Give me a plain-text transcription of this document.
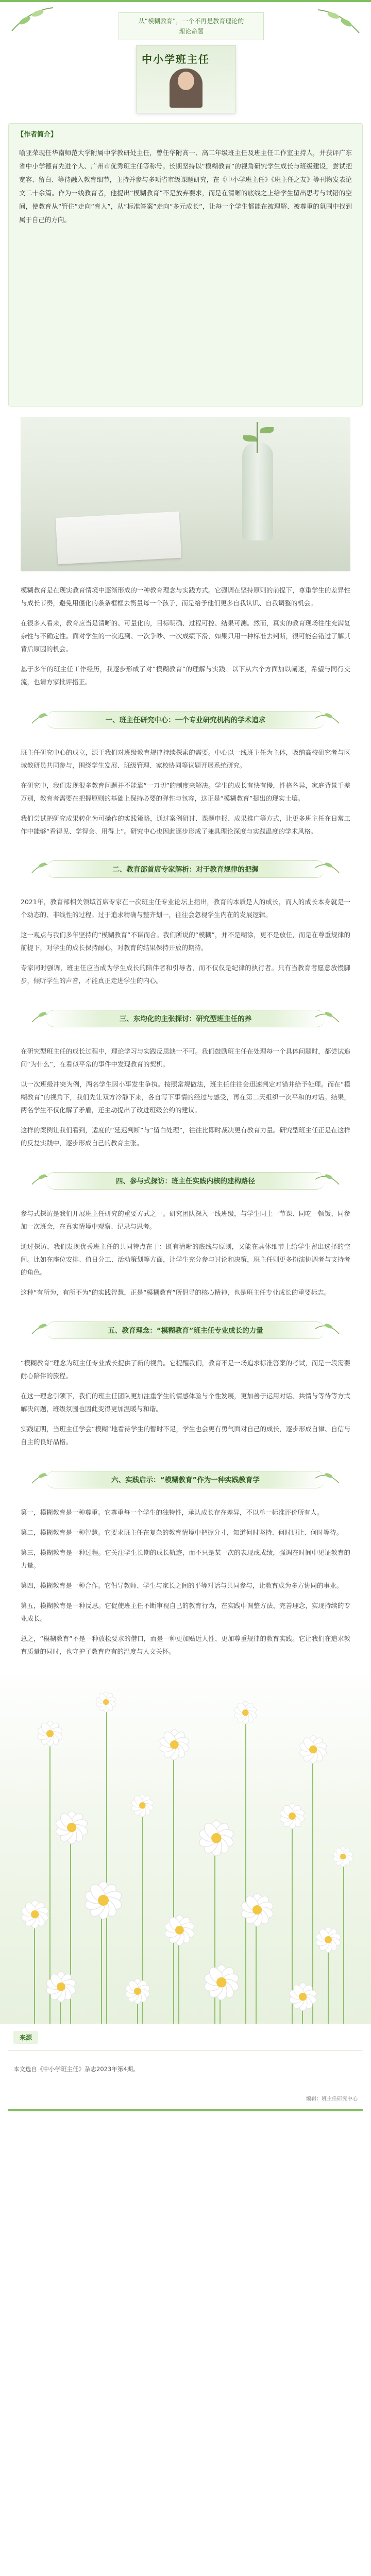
从“模糊教育”，一个不再是教育理论的
理论命题
中小学班主任
【作者简介】

喻亚荣现任华南师范大学附属中学教研处主任，曾任华附高一、高二年级班主任及班主任工作室主持人，并获评广东省中小学德育先进个人、广州市优秀班主任等称号。长期坚持以“模糊教育”的视角研究学生成长与班级建设，尝试把宽容、留白、等待融入教育细节，主持并参与多项省市级课题研究，在《中小学班主任》《班主任之友》等刊物发表论文二十余篇。作为一线教育者，他提出“模糊教育”不是放弃要求，而是在清晰的底线之上给学生留出思考与试错的空间，使教育从“管住”走向“育人”，从“标准答案”走向“多元成长”，让每一个学生都能在被理解、被尊重的氛围中找到属于自己的方向。

模糊教育是在现实教育情境中逐渐形成的一种教育理念与实践方式。它强调在坚持原则的前提下，尊重学生的差异性与成长节奏，避免用僵化的条条框框去衡量每一个孩子，而是给予他们更多自我认识、自我调整的机会。

在很多人看来，教育应当是清晰的、可量化的，目标明确、过程可控、结果可测。然而，真实的教育现场往往充满复杂性与不确定性。面对学生的一次迟到、一次争吵、一次成绩下滑，如果只用一种标准去判断，很可能会错过了解其背后原因的机会。

基于多年的班主任工作经历，我逐步形成了对“模糊教育”的理解与实践。以下从六个方面加以阐述，希望与同行交流，也请方家批评指正。

一、班主任研究中心：一个专业研究机构的学术追求

班主任研究中心的成立，源于我们对班级教育规律持续探索的需要。中心以一线班主任为主体，吸纳高校研究者与区域教研员共同参与，围绕学生发展、班级管理、家校协同等议题开展系统研究。

在研究中，我们发现很多教育问题并不能靠“一刀切”的制度来解决。学生的成长有快有慢，性格各异，家庭背景千差万别，教育者需要在把握原则的基础上保持必要的弹性与包容，这正是“模糊教育”提出的现实土壤。

我们尝试把研究成果转化为可操作的实践策略，通过案例研讨、课题申报、成果推广等方式，让更多班主任在日常工作中能够“看得见、学得会、用得上”。研究中心也因此逐步形成了兼具理论深度与实践温度的学术风格。

二、教育部首席专家解析：对于教育规律的把握

2021年，教育部相关领域首席专家在一次班主任专业论坛上指出，教育的本质是人的成长，而人的成长本身就是一个动态的、非线性的过程。过于追求精确与整齐划一，往往会忽视学生内在的发展逻辑。

这一观点与我们多年坚持的“模糊教育”不谋而合。我们所说的“模糊”，并不是糊涂，更不是放任，而是在尊重规律的前提下，对学生的成长保持耐心，对教育的结果保持开放的期待。

专家同时强调，班主任应当成为学生成长的陪伴者和引导者，而不仅仅是纪律的执行者。只有当教育者愿意放慢脚步，倾听学生的声音，才能真正走进学生的内心。

三、东均化的主张探讨：研究型班主任的养

在研究型班主任的成长过程中，理论学习与实践反思缺一不可。我们鼓励班主任在处理每一个具体问题时，都尝试追问“为什么”，在看似平常的事件中发现教育的契机。

以一次班级冲突为例，两名学生因小事发生争执。按照常规做法，班主任往往会迅速判定对错并给予处理。而在“模糊教育”的视角下，我们先让双方冷静下来，各自写下事情的经过与感受，再在第二天组织一次平和的对话。结果，两名学生不仅化解了矛盾，还主动提出了改进班级公约的建议。

这样的案例让我们看到，适度的“延迟判断”与“留白处理”，往往比即时裁决更有教育力量。研究型班主任正是在这样的反复实践中，逐步形成自己的教育主张。

四、参与式探访：班主任实践内核的建构路径

参与式探访是我们开展班主任研究的重要方式之一。研究团队深入一线班级，与学生同上一节课、同吃一顿饭、同参加一次班会，在真实情境中观察、记录与思考。

通过探访，我们发现优秀班主任的共同特点在于：既有清晰的底线与原则，又能在具体细节上给学生留出选择的空间。比如在座位安排、值日分工、活动策划等方面，让学生充分参与讨论和决策，班主任则更多扮演协调者与支持者的角色。

这种“有所为，有所不为”的实践智慧，正是“模糊教育”所倡导的核心精神，也是班主任专业成长的重要标志。

五、教育理念：“模糊教育”班主任专业成长的力量

“模糊教育”理念为班主任专业成长提供了新的视角。它提醒我们，教育不是一场追求标准答案的考试，而是一段需要耐心陪伴的旅程。

在这一理念引领下，我们的班主任团队更加注重学生的情感体验与个性发展，更加善于运用对话、共情与等待等方式解决问题，班级氛围也因此变得更加温暖与和谐。

实践证明，当班主任学会“模糊”地看待学生的暂时不足，学生也会更有勇气面对自己的成长，逐步形成自律、自信与自主的良好品格。

六、实践启示：“模糊教育”作为一种实践教育学

第一，模糊教育是一种尊重。它尊重每一个学生的独特性，承认成长存在差异，不以单一标准评价所有人。

第二，模糊教育是一种智慧。它要求班主任在复杂的教育情境中把握分寸，知道何时坚持、何时退让、何时等待。

第三，模糊教育是一种过程。它关注学生长期的成长轨迹，而不只是某一次的表现或成绩，强调在时间中见证教育的力量。

第四，模糊教育是一种合作。它倡导教师、学生与家长之间的平等对话与共同参与，让教育成为多方协同的事业。

第五，模糊教育是一种反思。它促使班主任不断审视自己的教育行为，在实践中调整方法、完善理念，实现持续的专业成长。

总之，“模糊教育”不是一种放松要求的借口，而是一种更加贴近人性、更加尊重规律的教育实践。它让我们在追求教育质量的同时，也守护了教育应有的温度与人文关怀。

来源
本文选自《中小学班主任》杂志2023年第4期。
编辑：班主任研究中心
